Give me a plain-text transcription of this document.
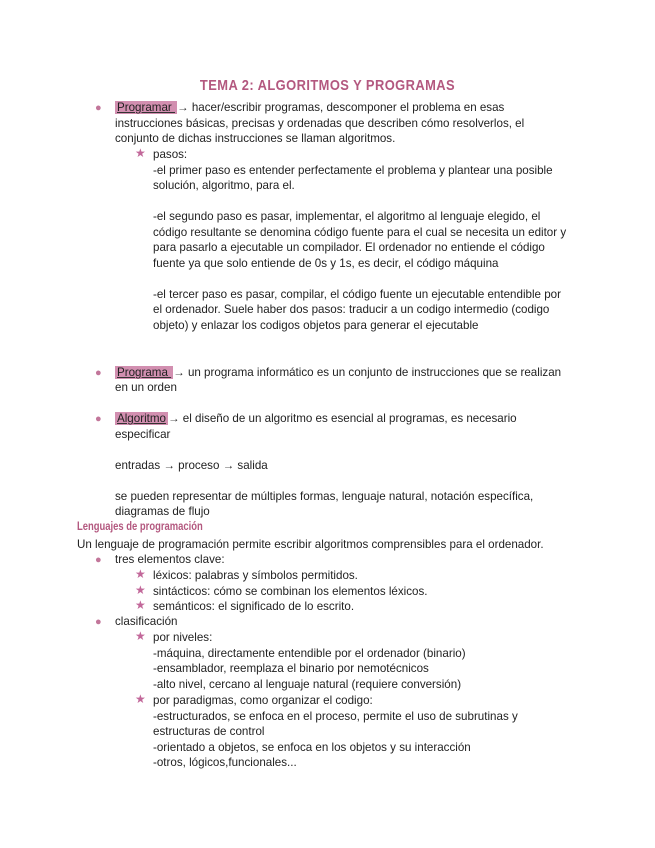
TEMA 2: ALGORITMOS Y PROGRAMAS
● Programar → hacer/escribir programas, descomponer el problema en esas
instrucciones básicas, precisas y ordenadas que describen cómo resolverlos, el
conjunto de dichas instrucciones se llaman algoritmos.
★ pasos:
-el primer paso es entender perfectamente el problema y plantear una posible
solución, algoritmo, para el.
-el segundo paso es pasar, implementar, el algoritmo al lenguaje elegido, el
código resultante se denomina código fuente para el cual se necesita un editor y
para pasarlo a ejecutable un compilador. El ordenador no entiende el código
fuente ya que solo entiende de 0s y 1s, es decir, el código máquina
-el tercer paso es pasar, compilar, el código fuente un ejecutable entendible por
el ordenador. Suele haber dos pasos: traducir a un codigo intermedio (codigo
objeto) y enlazar los codigos objetos para generar el ejecutable
● Programa → un programa informático es un conjunto de instrucciones que se realizan
en un orden
● Algoritmo → el diseño de un algoritmo es esencial al programas, es necesario
especificar
entradas → proceso → salida
se pueden representar de múltiples formas, lenguaje natural, notación específica,
diagramas de flujo
Lenguajes de programación
Un lenguaje de programación permite escribir algoritmos comprensibles para el ordenador.
● tres elementos clave:
★ léxicos: palabras y símbolos permitidos.
★ sintácticos: cómo se combinan los elementos léxicos.
★ semánticos: el significado de lo escrito.
● clasificación
★ por niveles:
-máquina, directamente entendible por el ordenador (binario)
-ensamblador, reemplaza el binario por nemotécnicos
-alto nivel, cercano al lenguaje natural (requiere conversión)
★ por paradigmas, como organizar el codigo:
-estructurados, se enfoca en el proceso, permite el uso de subrutinas y
estructuras de control
-orientado a objetos, se enfoca en los objetos y su interacción
-otros, lógicos,funcionales...
